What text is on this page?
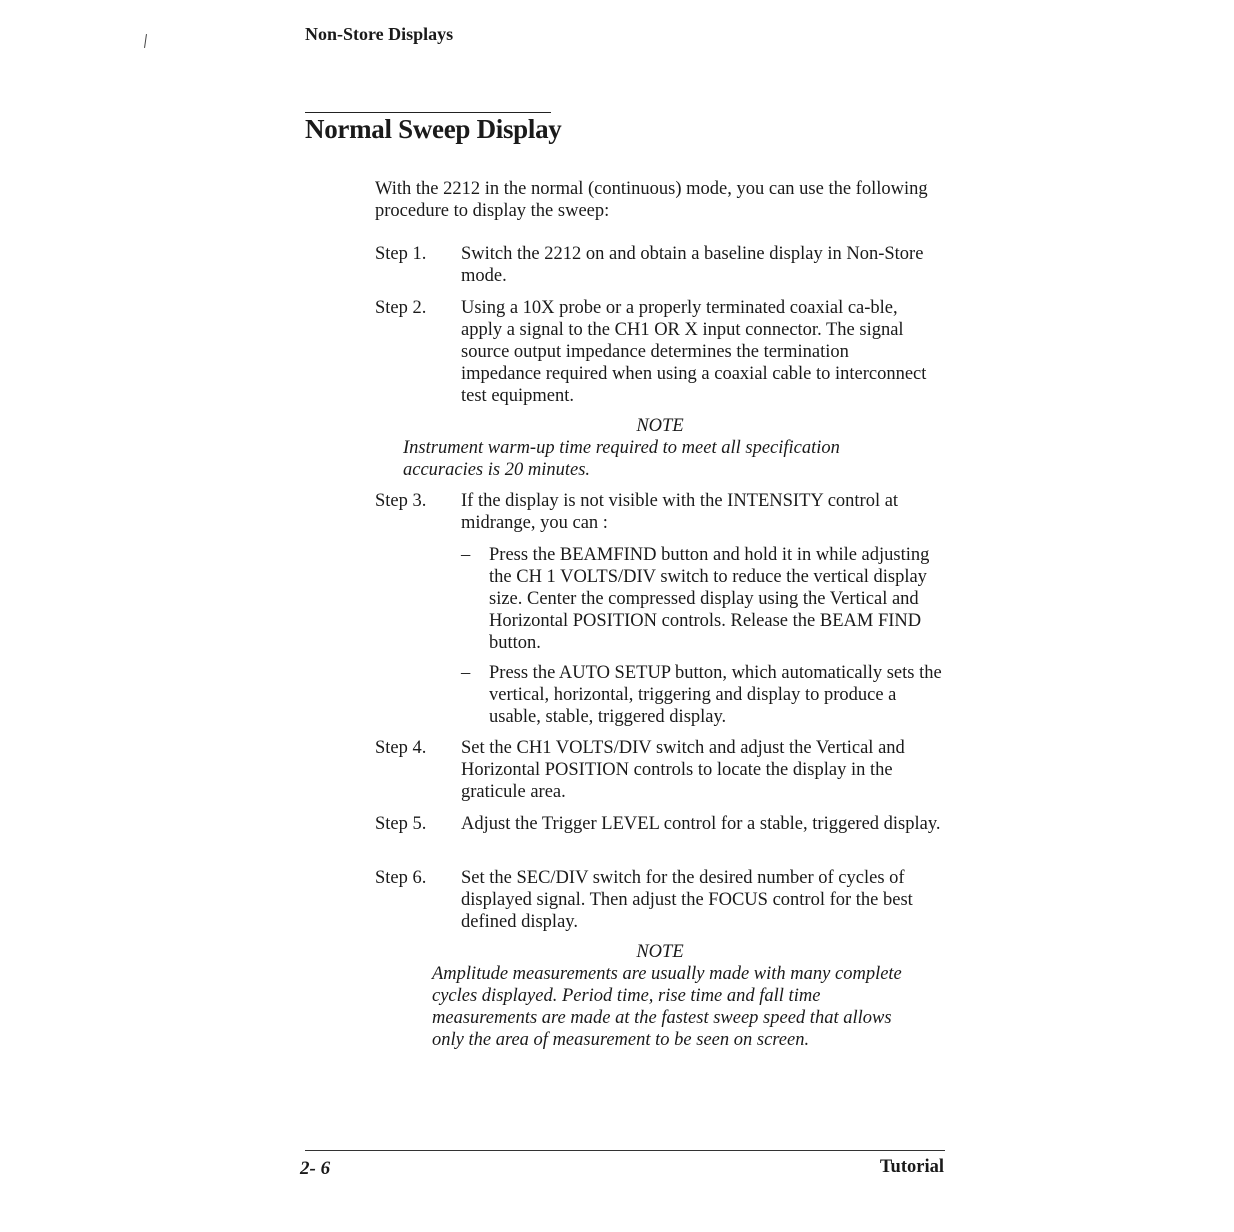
Non-Store Displays
Normal Sweep Display

With the 2212 in the normal (continuous) mode, you can use the following procedure to display the sweep:

Step 1. Switch the 2212 on and obtain a baseline display in Non-Store mode.
Step 2. Using a 10X probe or a properly terminated coaxial ca-ble, apply a signal to the CH1 OR X input connector. The signal source output impedance determines the termination impedance required when using a coaxial cable to interconnect test equipment.
NOTE
Instrument warm-up time required to meet all specification accuracies is 20 minutes.
Step 3. If the display is not visible with the INTENSITY control at midrange, you can :
– Press the BEAMFIND button and hold it in while adjusting the CH 1 VOLTS/DIV switch to reduce the vertical display size. Center the compressed display using the Vertical and Horizontal POSITION controls. Release the BEAM FIND button.
– Press the AUTO SETUP button, which automatically sets the vertical, horizontal, triggering and display to produce a usable, stable, triggered display.
Step 4. Set the CH1 VOLTS/DIV switch and adjust the Vertical and Horizontal POSITION controls to locate the display in the graticule area.
Step 5. Adjust the Trigger LEVEL control for a stable, triggered display.
Step 6. Set the SEC/DIV switch for the desired number of cycles of displayed signal. Then adjust the FOCUS control for the best defined display.
NOTE
Amplitude measurements are usually made with many complete cycles displayed. Period time, rise time and fall time measurements are made at the fastest sweep speed that allows only the area of measurement to be seen on screen.
2- 6	Tutorial
